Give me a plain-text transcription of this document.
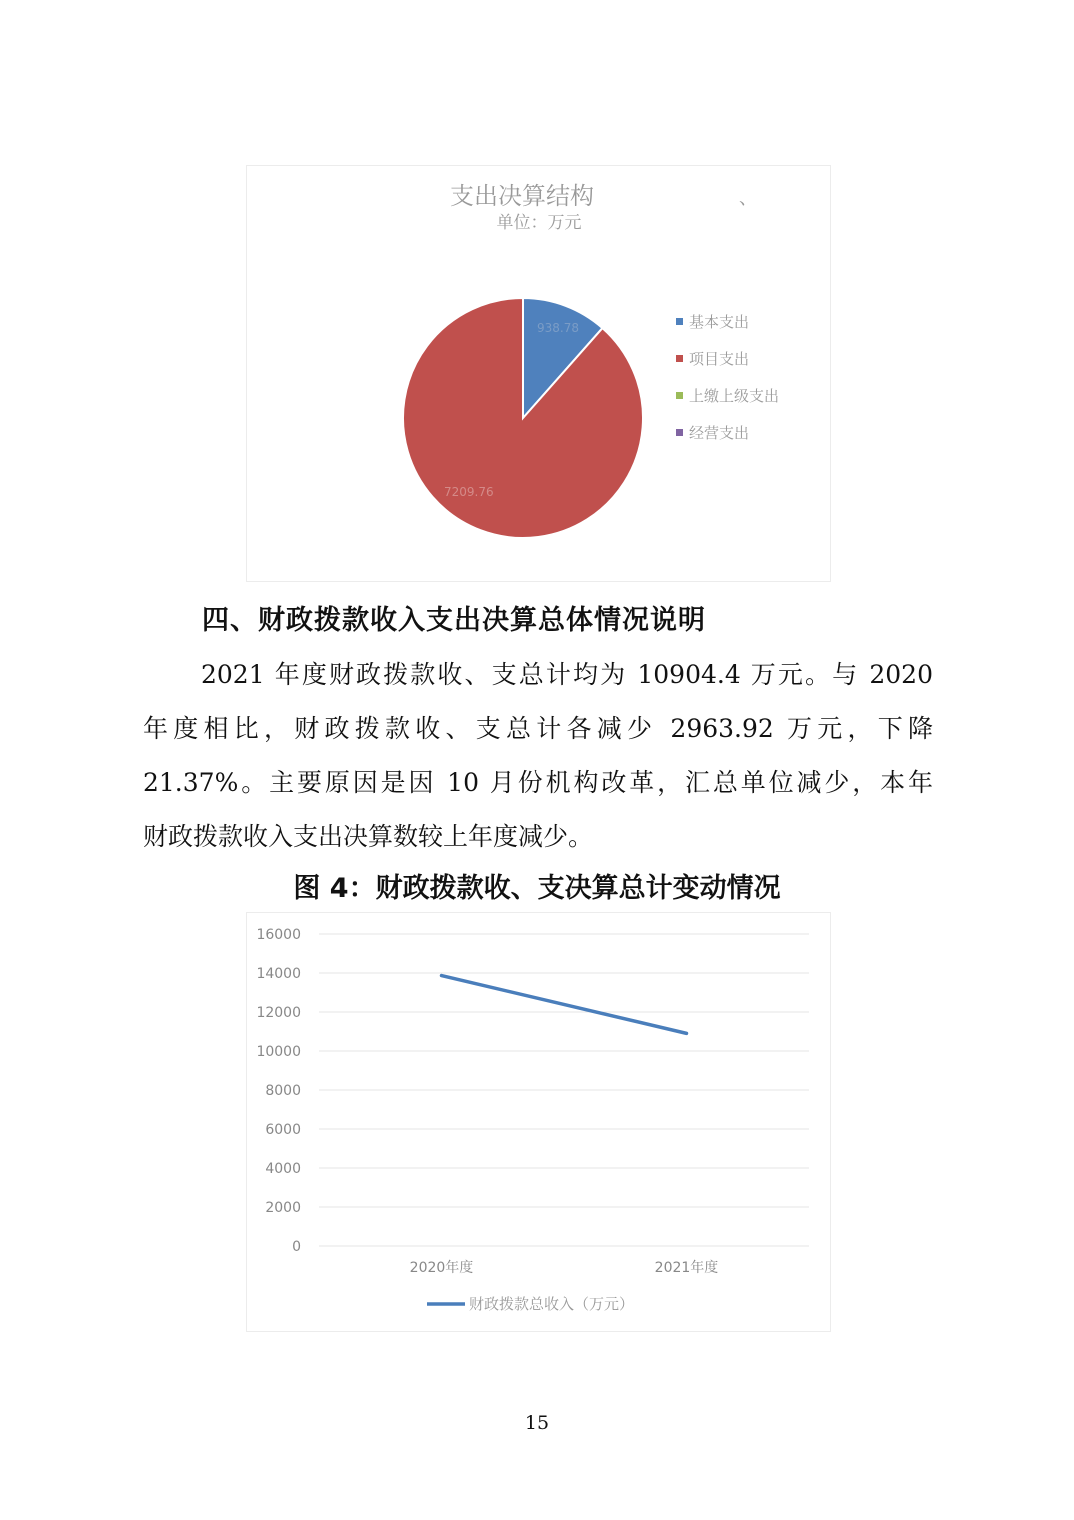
支出决算结构	、
单位：万元
938.78
7209.76
基本支出
项目支出
上缴上级支出
经营支出
四、财政拨款收入支出决算总体情况说明
2021 年度财政拨款收、支总计均为 10904.4 万元。与 2020
年度相比，财政拨款收、支总计各减少 2963.92 万元，下降
21.37%。主要原因是因 10 月份机构改革，汇总单位减少，本年
财政拨款收入支出决算数较上年度减少。
图 4：财政拨款收、支决算总计变动情况
0
2000
4000
6000
8000
10000
12000
14000
16000
2020年度	2021年度
财政拨款总收入（万元）
15
